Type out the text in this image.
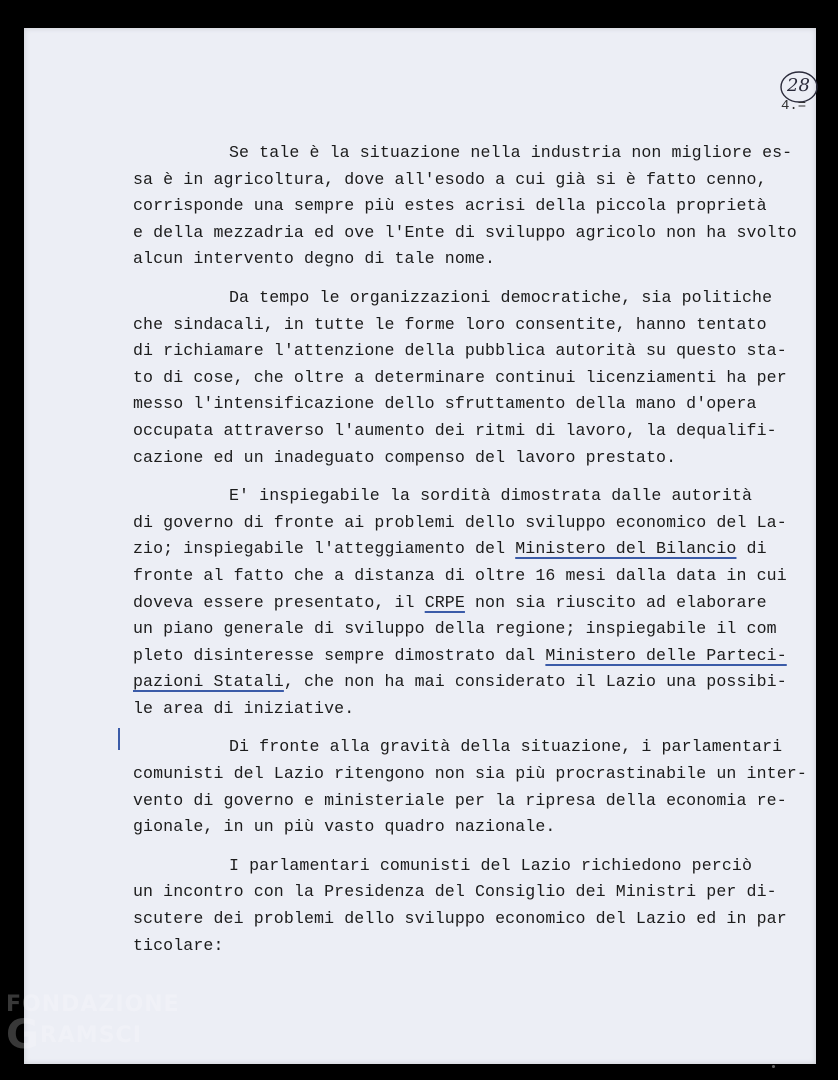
28
4.=
Se tale è la situazione nella industria non migliore es-
sa è in agricoltura, dove all'esodo a cui già si è fatto cenno,
corrisponde una sempre più estes acrisi della piccola proprietà
e della mezzadria ed ove l'Ente di sviluppo agricolo non ha svolto
alcun intervento degno di tale nome.
Da tempo le organizzazioni democratiche, sia politiche
che sindacali, in tutte le forme loro consentite, hanno tentato
di richiamare l'attenzione della pubblica autorità su questo sta-
to di cose, che oltre a determinare continui licenziamenti ha per
messo l'intensificazione dello sfruttamento della mano d'opera
occupata attraverso l'aumento dei ritmi di lavoro, la dequalifi-
cazione ed un inadeguato compenso del lavoro prestato.
E' inspiegabile la sordità dimostrata dalle autorità
di governo di fronte ai problemi dello sviluppo economico del La-
zio; inspiegabile l'atteggiamento del Ministero del Bilancio di
fronte al fatto che a distanza di oltre 16 mesi dalla data in cui
doveva essere presentato, il CRPE non sia riuscito ad elaborare
un piano generale di sviluppo della regione; inspiegabile il com
pleto disinteresse sempre dimostrato dal Ministero delle Parteci-
pazioni Statali, che non ha mai considerato il Lazio una possibi-
le area di iniziative.
Di fronte alla gravità della situazione, i parlamentari
comunisti del Lazio ritengono non sia più procrastinabile un inter-
vento di governo e ministeriale per la ripresa della economia re-
gionale, in un più vasto quadro nazionale.
I parlamentari comunisti del Lazio richiedono perciò
un incontro con la Presidenza del Consiglio dei Ministri per di-
scutere dei problemi dello sviluppo economico del Lazio ed in par
ticolare:
FONDAZIONE
GRAMSCI
